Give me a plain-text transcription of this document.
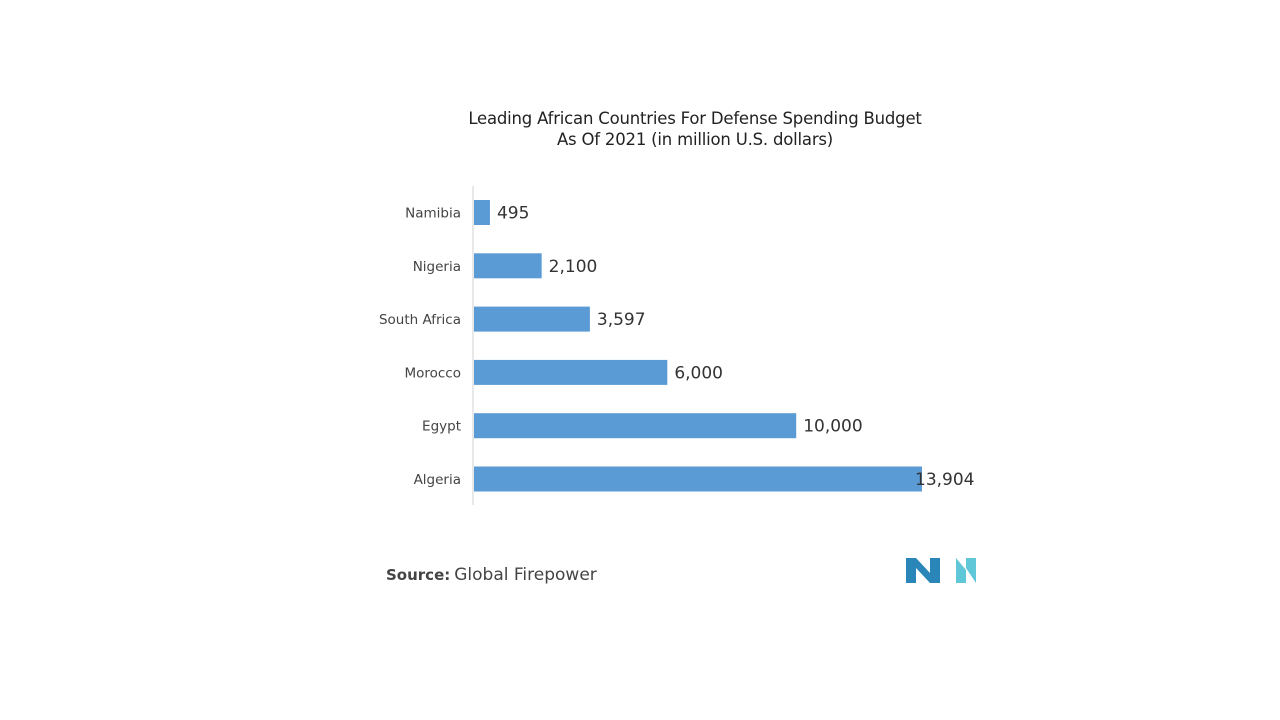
Leading African Countries For Defense Spending Budget
As Of 2021 (in million U.S. dollars)
Namibia 495
Nigeria	2,100
South Africa	3,597
Morocco	6,000
Egypt	10,000
Algeria	13,904
Source: Global Firepower
